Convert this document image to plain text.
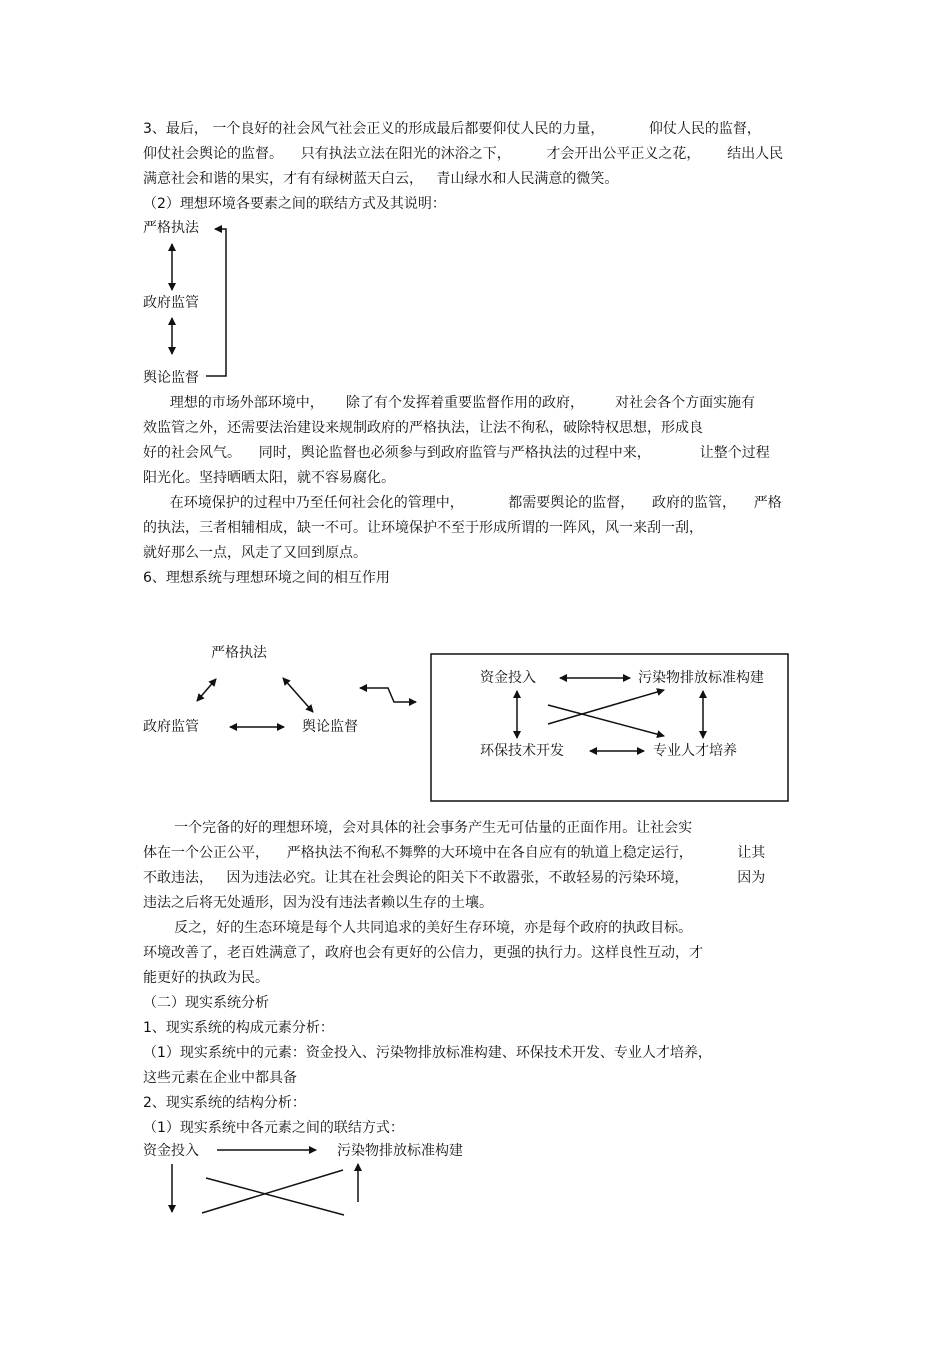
3、最后， 一个良好的社会风气社会正义的形成最后都要仰仗人民的力量，          仰仗人民的监督，
仰仗社会舆论的监督。    只有执法立法在阳光的沐浴之下，        才会开出公平正义之花，      结出人民
满意社会和谐的果实，才有有绿树蓝天白云，   青山绿水和人民满意的微笑。
（2）理想环境各要素之间的联结方式及其说明：
严格执法
政府监管
舆论监督
理想的市场外部环境中，     除了有个发挥着重要监督作用的政府，       对社会各个方面实施有
效监管之外，还需要法治建设来规制政府的严格执法，让法不徇私，破除特权思想，形成良
好的社会风气。    同时，舆论监督也必须参与到政府监管与严格执法的过程中来，           让整个过程
阳光化。坚持晒晒太阳，就不容易腐化。
在环境保护的过程中乃至任何社会化的管理中，          都需要舆论的监督，    政府的监管，    严格
的执法，三者相辅相成，缺一不可。让环境保护不至于形成所谓的一阵风，风一来刮一刮，
就好那么一点，风走了又回到原点。
6、理想系统与理想环境之间的相互作用
严格执法
政府监管	舆论监督
资金投入	污染物排放标准构建
环保技术开发	专业人才培养
一个完备的好的理想环境，会对具体的社会事务产生无可估量的正面作用。让社会实
体在一个公正公平，    严格执法不徇私不舞弊的大环境中在各自应有的轨道上稳定运行，          让其
不敢违法，   因为违法必究。让其在社会舆论的阳关下不敢嚣张，不敢轻易的污染环境，           因为
违法之后将无处遁形，因为没有违法者赖以生存的土壤。
反之，好的生态环境是每个人共同追求的美好生存环境，亦是每个政府的执政目标。
环境改善了，老百姓满意了，政府也会有更好的公信力，更强的执行力。这样良性互动，才
能更好的执政为民。
（二）现实系统分析
1、现实系统的构成元素分析：
（1）现实系统中的元素：资金投入、污染物排放标准构建、环保技术开发、专业人才培养，
这些元素在企业中都具备
2、现实系统的结构分析：
（1）现实系统中各元素之间的联结方式：
资金投入	污染物排放标准构建
